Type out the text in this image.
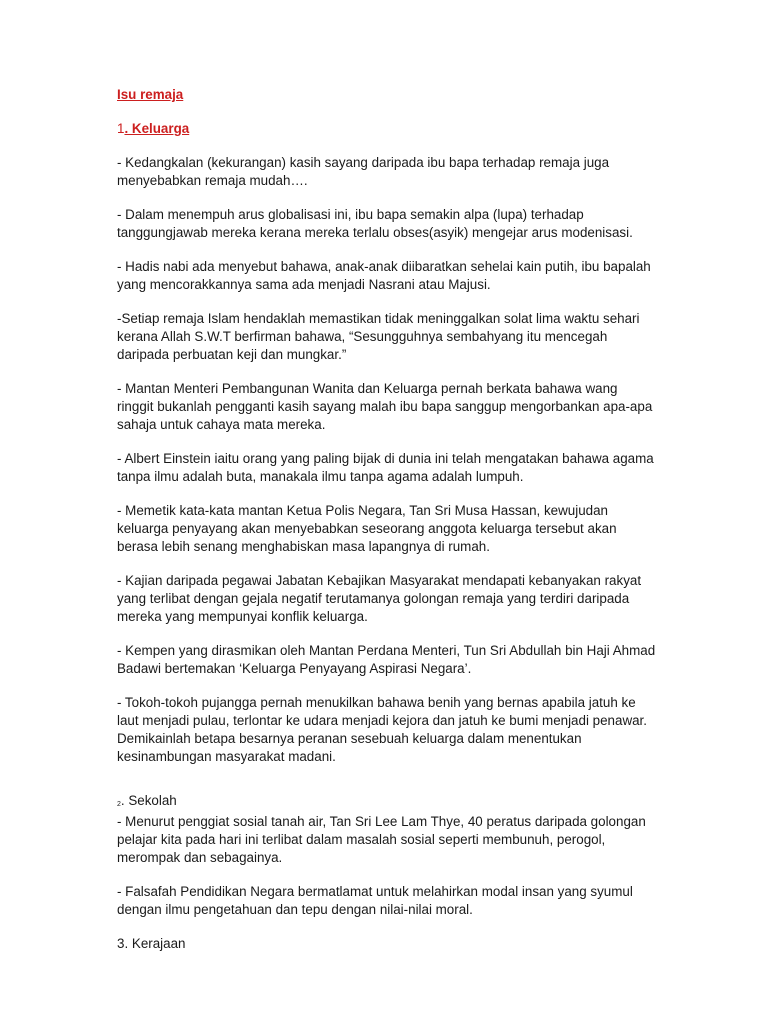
Isu remaja

1. Keluarga

- Kedangkalan (kekurangan) kasih sayang daripada ibu bapa terhadap remaja juga menyebabkan remaja mudah….

- Dalam menempuh arus globalisasi ini, ibu bapa semakin alpa (lupa) terhadap tanggungjawab mereka kerana mereka terlalu obses(asyik) mengejar arus modenisasi.

- Hadis nabi ada menyebut bahawa, anak-anak diibaratkan sehelai kain putih, ibu bapalah yang mencorakkannya sama ada menjadi Nasrani atau Majusi.

-Setiap remaja Islam hendaklah memastikan tidak meninggalkan solat lima waktu sehari kerana Allah S.W.T berfirman bahawa, “Sesungguhnya sembahyang itu mencegah daripada perbuatan keji dan mungkar.”

- Mantan Menteri Pembangunan Wanita dan Keluarga pernah berkata bahawa wang ringgit bukanlah pengganti kasih sayang malah ibu bapa sanggup mengorbankan apa-apa sahaja untuk cahaya mata mereka.

- Albert Einstein iaitu orang yang paling bijak di dunia ini telah mengatakan bahawa agama tanpa ilmu adalah buta, manakala ilmu tanpa agama adalah lumpuh.

- Memetik kata-kata mantan Ketua Polis Negara, Tan Sri Musa Hassan, kewujudan keluarga penyayang akan menyebabkan seseorang anggota keluarga tersebut akan berasa lebih senang menghabiskan masa lapangnya di rumah.

- Kajian daripada pegawai Jabatan Kebajikan Masyarakat mendapati kebanyakan rakyat yang terlibat dengan gejala negatif terutamanya golongan remaja yang terdiri daripada mereka yang mempunyai konflik keluarga.

- Kempen yang dirasmikan oleh Mantan Perdana Menteri, Tun Sri Abdullah bin Haji Ahmad Badawi bertemakan ‘Keluarga Penyayang Aspirasi Negara’.

- Tokoh-tokoh pujangga pernah menukilkan bahawa benih yang bernas apabila jatuh ke laut menjadi pulau, terlontar ke udara menjadi kejora dan jatuh ke bumi menjadi penawar. Demikainlah betapa besarnya peranan sesebuah keluarga dalam menentukan kesinambungan masyarakat madani.

2. Sekolah

- Menurut penggiat sosial tanah air, Tan Sri Lee Lam Thye, 40 peratus daripada golongan pelajar kita pada hari ini terlibat dalam masalah sosial seperti membunuh, perogol, merompak dan sebagainya.

- Falsafah Pendidikan Negara bermatlamat untuk melahirkan modal insan yang syumul dengan ilmu pengetahuan dan tepu dengan nilai-nilai moral.

3. Kerajaan
